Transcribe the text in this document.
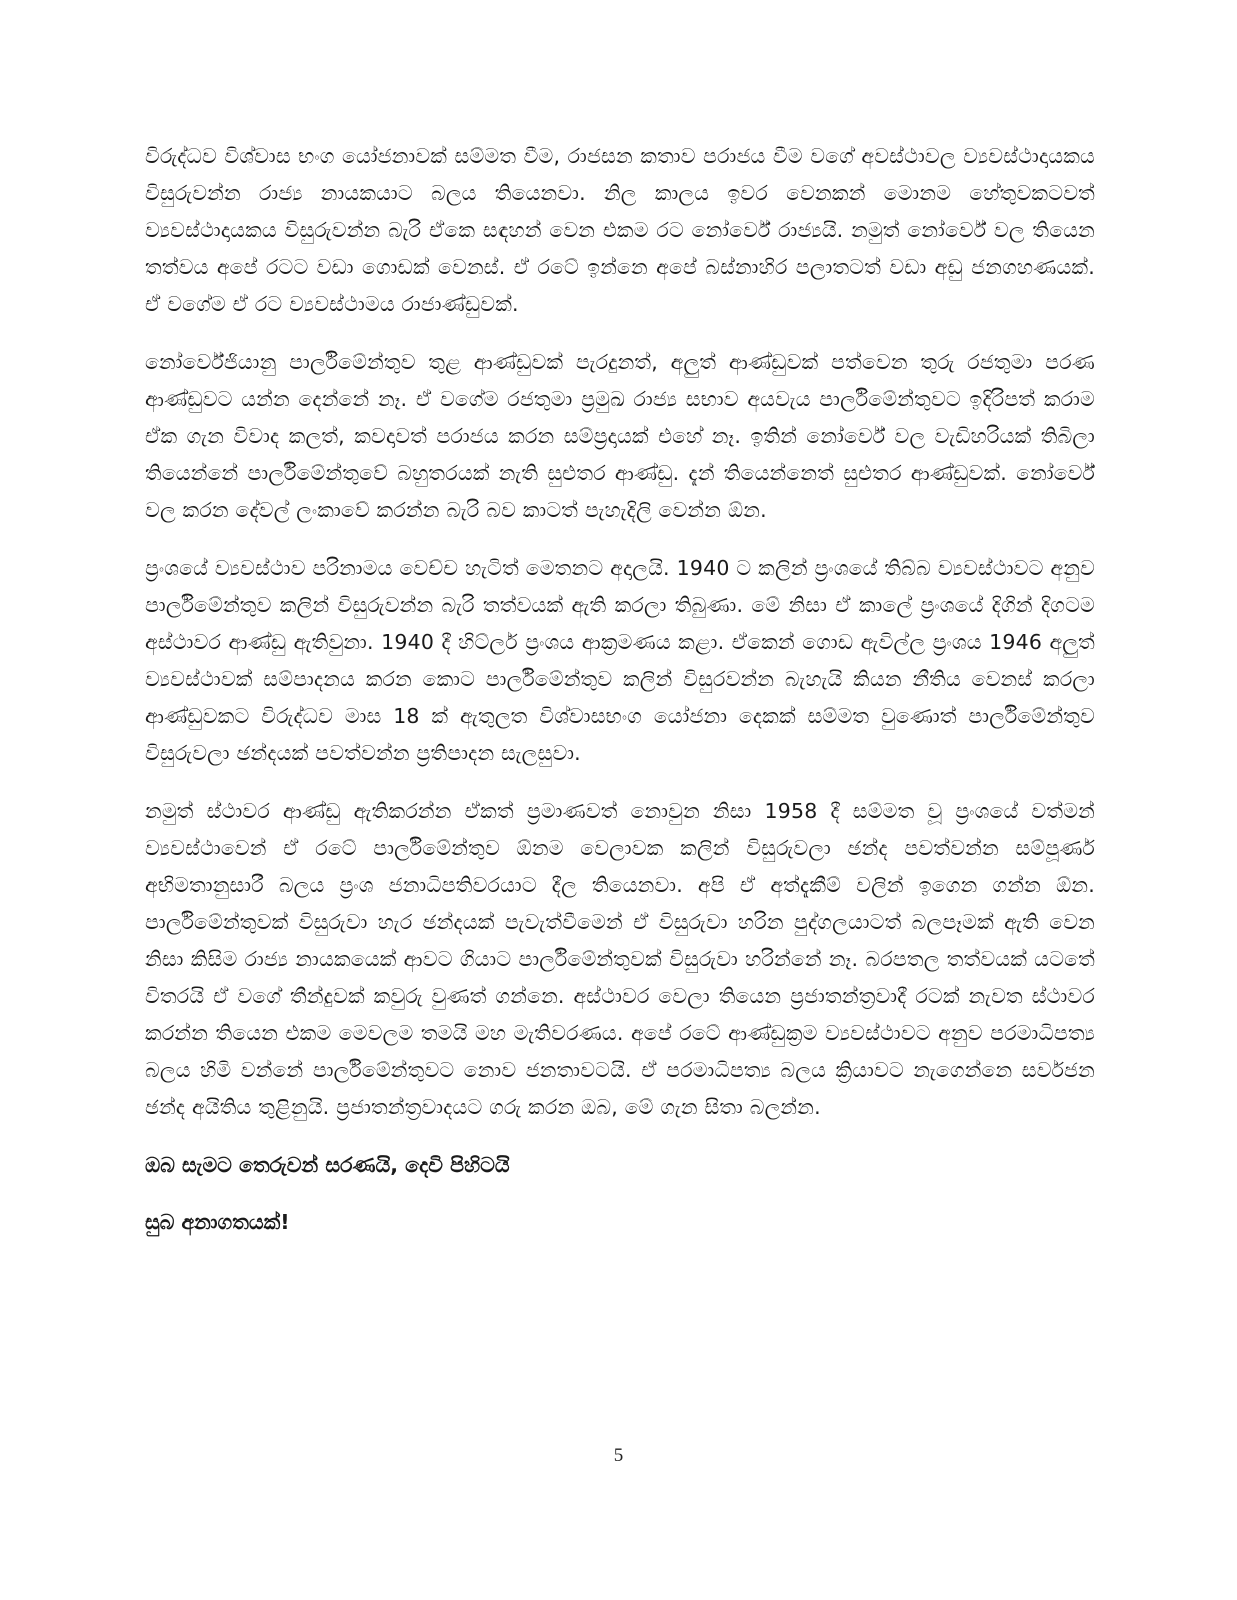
විරුද්ධව විශ්වාස භංග යෝජනාවක් සම්මත වීම, රාජසන කතාව පරාජය වීම වගේ අවස්ථාවල ව්‍යවස්ථාදායකය විසුරුවන්න රාජ්‍ය නායකයාට බලය තියෙනවා. නිල කාලය ඉවර වෙනකන් මොනම හේතුවකටවත් ව්‍යවස්ථාදායකය විසුරුවන්න බැරි ඒකෙ සඳහන් වෙන එකම රට නෝර්වේ රාජ්‍යයි. නමුත් නෝර්වේ වල තියෙන තත්වය අපේ රටට වඩා ගොඩක් වෙනස්. ඒ රටේ ඉන්නෙ අපේ බස්නාහිර පලාතටත් වඩා අඩු ජනගහණයක්. ඒ වගේම ඒ රට ව්‍යවස්ථාමය රාජාණ්ඩුවක්.

නෝර්වේජියානු පාර්ලිමේන්තුව තුළ ආණ්ඩුවක් පැරදුනත්, අලුත් ආණ්ඩුවක් පත්වෙන තුරු රජතුමා පරණ ආණ්ඩුවට යන්න දෙන්නේ නෑ. ඒ වගේම රජතුමා ප්‍රමුඛ රාජ්‍ය සභාව අයවැය පාර්ලිමේන්තුවට ඉදිරිපත් කරාම ඒක ගැන විවාද කලත්, කවදාවත් පරාජය කරන සම්ප්‍රදායක් එහේ නෑ. ඉතින් නෝර්වේ වල වැඩිහරියක් තිබිලා තියෙන්නේ පාර්ලිමේන්තුවේ බහුතරයක් නැති සුළුතර ආණ්ඩු. දැන් තියෙන්නෙත් සුළුතර ආණ්ඩුවක්. නෝර්වේ වල කරන දේවල් ලංකාවේ කරන්න බැරි බව කාටත් පැහැදිලි වෙන්න ඕන.

ප්‍රංශයේ ව්‍යවස්ථාව පරිනාමය වෙච්ච හැටිත් මෙතනට අදාලයි. 1940 ට කලින් ප්‍රංශයේ තිබ්බ ව්‍යවස්ථාවට අනුව පාර්ලිමේන්තුව කලින් විසුරුවන්න බැරි තත්වයක් ඇති කරලා තිබුණා. මේ නිසා ඒ කාලේ ප්‍රංශයේ දිගින් දිගටම අස්ථාවර ආණ්ඩු ඇතිවුනා. 1940 දී හිට්ලර් ප්‍රංශය ආක්‍රමණය කළා. ඒකෙන් ගොඩ ඇවිල්ල ප්‍රංශය 1946 අලුත් ව්‍යවස්ථාවක් සම්පාදනය කරන කොට පාර්ලිමේන්තුව කලින් විසුරවන්න බැහැයි කියන නීතිය වෙනස් කරලා ආණ්ඩුවකට විරුද්ධව මාස 18 ක් ඇතුලත විශ්වාසභංග යෝජනා දෙකක් සම්මත වුණොත් පාර්ලිමේන්තුව විසුරුවලා ඡන්දයක් පවත්වන්න ප්‍රතිපාදන සැලසුවා.

නමුත් ස්ථාවර ආණ්ඩු ඇතිකරන්න ඒකත් ප්‍රමාණවත් නොවුන නිසා 1958 දී සම්මත වූ ප්‍රංශයේ වත්මන් ව්‍යවස්ථාවෙන් ඒ රටේ පාර්ලිමේන්තුව ඕනම වෙලාවක කලින් විසුරුවලා ඡන්ද පවත්වන්න සම්පූර්ණ අභිමතානුසාරී බලය ප්‍රංශ ජනාධිපතිවරයාට දීල තියෙනවා. අපි ඒ අත්දැකීම් වලින් ඉගෙන ගන්න ඕන. පාර්ලිමේන්තුවක් විසුරුවා හැර ඡන්දයක් පැවැත්වීමෙන් ඒ විසුරුවා හරින පුද්ගලයාටත් බලපෑමක් ඇති වෙන නිසා කිසිම රාජ්‍ය නායකයෙක් ආවට ගියාට පාර්ලිමේන්තුවක් විසුරුවා හරින්නේ නෑ. බරපතල තත්වයක් යටතේ විතරයි ඒ වගේ තීන්දුවක් කවුරු වුණත් ගන්නෙ. අස්ථාවර වෙලා තියෙන ප්‍රජාතන්ත්‍රවාදී රටක් නැවත ස්ථාවර කරන්න තියෙන එකම මෙවලම තමයි මහ මැතිවරණය. අපේ රටේ ආණ්ඩුක්‍රම ව්‍යවස්ථාවට අනුව පරමාධිපත්‍ය බලය හිමි වන්නේ පාර්ලිමේන්තුවට නොව ජනතාවටයි. ඒ පරමාධිපත්‍ය බලය ක්‍රියාවට නැගෙන්නෙ සර්වජන ඡන්ද අයිතිය තුළිනුයි. ප්‍රජාතන්ත්‍රවාදයට ගරු කරන ඔබ, මේ ගැන සිතා බලන්න.

ඔබ සැමට තෙරුවන් සරණයි, දෙවි පිහිටයි

සුබ අනාගතයක්!

5
